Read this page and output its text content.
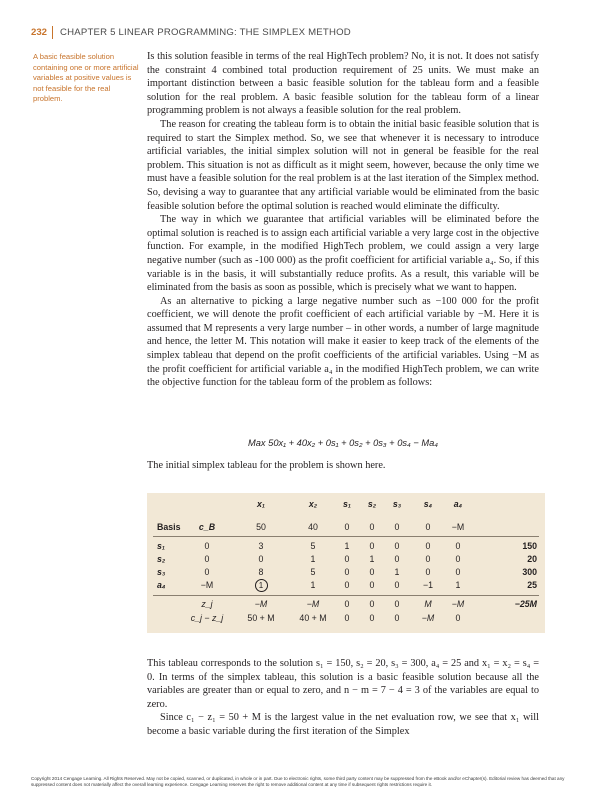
232 CHAPTER 5 LINEAR PROGRAMMING: THE SIMPLEX METHOD
A basic feasible solution containing one or more artificial variables at positive values is not feasible for the real problem.

Is this solution feasible in terms of the real HighTech problem? No, it is not. It does not satisfy the constraint 4 combined total production requirement of 25 units. We must make an important distinction between a basic feasible solution for the tableau form and a feasible solution for the real problem. A basic feasible solution for the tableau form of a linear programming problem is not always a feasible solution for the real problem.

The reason for creating the tableau form is to obtain the initial basic feasible solution that is required to start the Simplex method. So, we see that whenever it is necessary to introduce artificial variables, the initial simplex solution will not in general be feasible for the real problem. This situation is not as difficult as it might seem, however, because the only time we must have a feasible solution for the real problem is at the last iteration of the Simplex method. So, devising a way to guarantee that any artificial variable would be eliminated from the basic feasible solution before the optimal solution is reached would eliminate the difficulty.

The way in which we guarantee that artificial variables will be eliminated before the optimal solution is reached is to assign each artificial variable a very large cost in the objective function. For example, in the modified HighTech problem, we could assign a very large negative number (such as -100 000) as the profit coefficient for artificial variable a₄. So, if this variable is in the basis, it will substantially reduce profits. As a result, this variable will be eliminated from the basis as soon as possible, which is precisely what we want to happen.

As an alternative to picking a large negative number such as −100 000 for the profit coefficient, we will denote the profit coefficient of each artificial variable by −M. Here it is assumed that M represents a very large number – in other words, a number of large magnitude and hence, the letter M. This notation will make it easier to keep track of the elements of the simplex tableau that depend on the profit coefficients of the artificial variables. Using −M as the profit coefficient for artificial variable a₄ in the modified HighTech problem, we can write the objective function for the tableau form of the problem as follows:

Max 50x₁ + 40x₂ + 0s₁ + 0s₂ + 0s₃ + 0s₄ − Ma₄
The initial simplex tableau for the problem is shown here.
x₁	x₂	s₁	s₂	s₃	s₄	a₄
Basis	c_B	50	40	0	0	0	0	−M
s₁	0	3	5	1	0	0	0	0	150
s₂	0	0	1	0	1	0	0	0	20
s₃	0	8	5	0	0	1	0	0	300
a₄	−M	1	1	0	0	0	−1	1	25
z_j	−M	−M	0	0	0	M	−M	−25M
c_j − z_j	50 + M	40 + M	0	0	0	−M	0

This tableau corresponds to the solution s₁ = 150, s₂ = 20, s₃ = 300, a₄ = 25 and x₁ = x₂ = s₄ = 0. In terms of the simplex tableau, this solution is a basic feasible solution because all the variables are greater than or equal to zero, and n − m = 7 − 4 = 3 of the variables are equal to zero.

Since c₁ − z₁ = 50 + M is the largest value in the net evaluation row, we see that x₁ will become a basic variable during the first iteration of the Simplex

Copyright 2014 Cengage Learning. All Rights Reserved. May not be copied, scanned, or duplicated, in whole or in part. Due to electronic rights, some third party content may be suppressed from the eBook and/or eChapter(s). Editorial review has deemed that any suppressed content does not materially affect the overall learning experience. Cengage Learning reserves the right to remove additional content at any time if subsequent rights restrictions require it.
